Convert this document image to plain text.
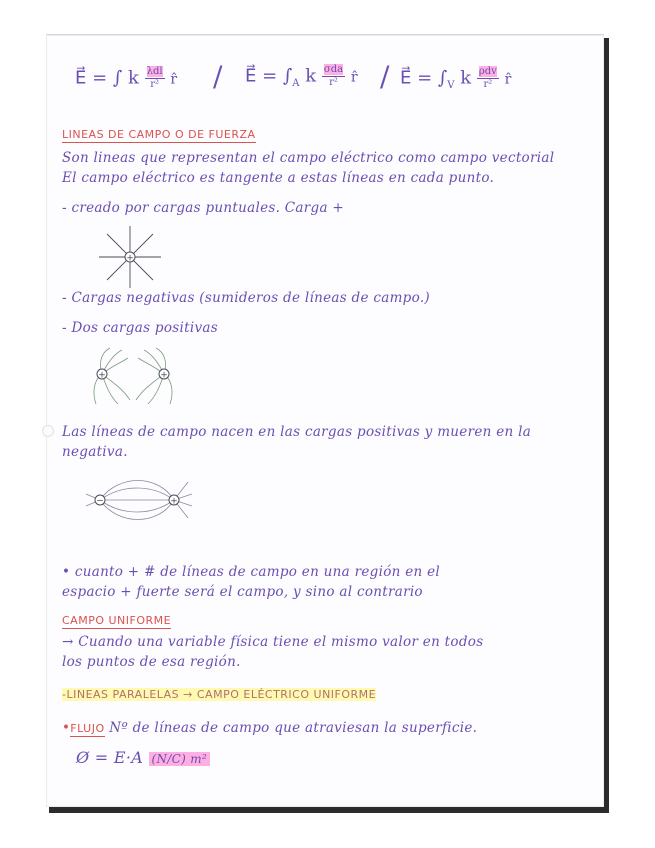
E⃗ = ∫ k $\frac{\text{λdl}}{\text{r²}}$ r̂ / E⃗ = $\int_A$ k $\frac{\text{σda}}{\text{r²}}$ r̂ / E⃗ = $\int_V$ k $\frac{\text{ρdv}}{\text{r²}}$ r̂
LINEAS DE CAMPO O DE FUERZA
Son lineas que representan el campo eléctrico como campo vectorial
El campo eléctrico es tangente a estas líneas en cada punto.
- creado por cargas puntuales. Carga +
- Cargas negativas (sumideros de líneas de campo.)
- Dos cargas positivas
Las líneas de campo nacen en las cargas positivas y mueren en la
negativa.
• cuanto + # de líneas de campo en una región en el
espacio + fuerte será el campo, y sino al contrario
CAMPO UNIFORME
→ Cuando una variable física tiene el mismo valor en todos
los puntos de esa región.
-LINEAS PARALELAS → CAMPO ELÉCTRICO UNIFORME
•FLUJO Nº de líneas de campo que atraviesan la superficie.
Ø = E·A (N/C) m²
+
+	+
−	+
